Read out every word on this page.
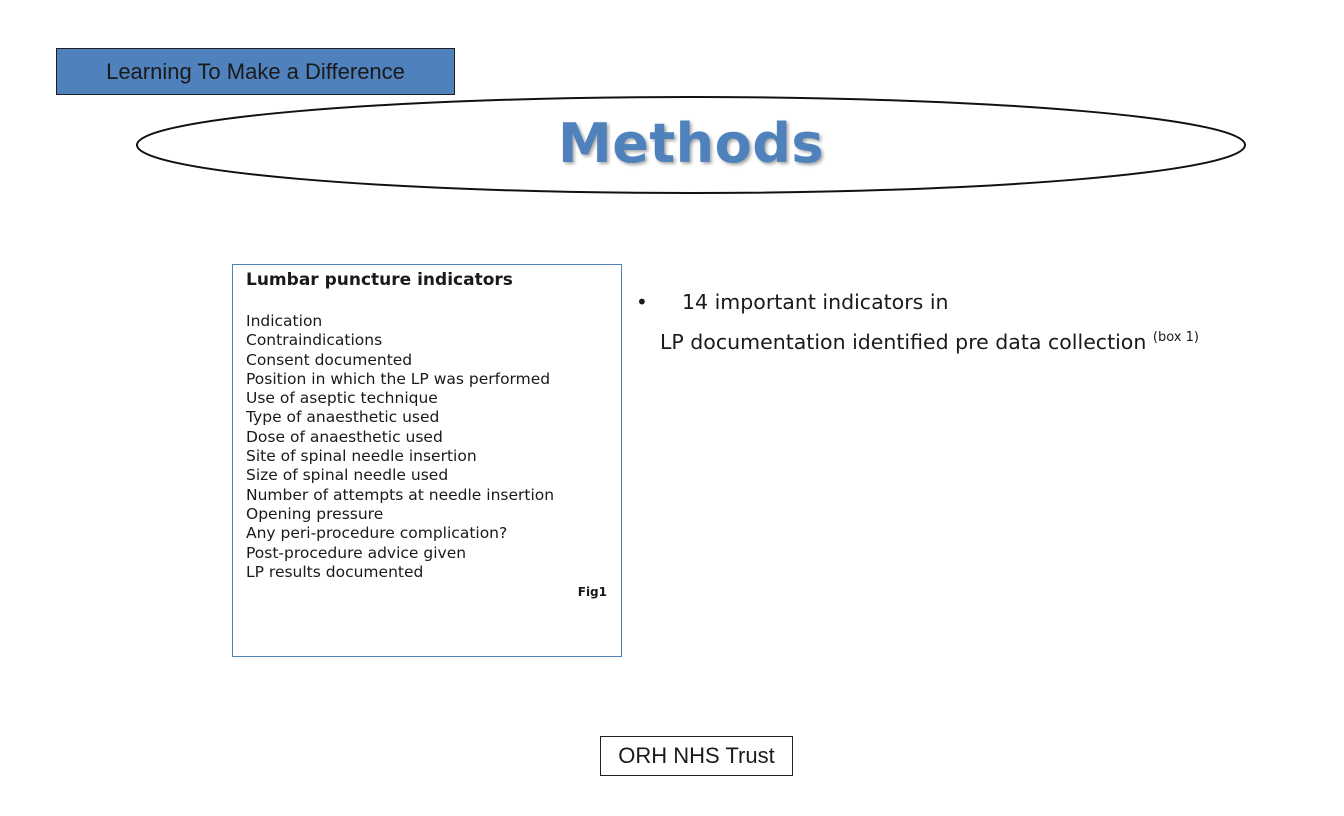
Learning To Make a Difference
Methods
Lumbar puncture indicators
Indication
Contraindications
Consent documented
Position in which the LP was performed
Use of aseptic technique
Type of anaesthetic used
Dose of anaesthetic used
Site of spinal needle insertion
Size of spinal needle used
Number of attempts at needle insertion
Opening pressure
Any peri-procedure complication?
Post-procedure advice given
LP results documented
Fig1
•	14 important indicators in
LP documentation identified pre data collection $^{(box 1)}$
ORH NHS Trust
